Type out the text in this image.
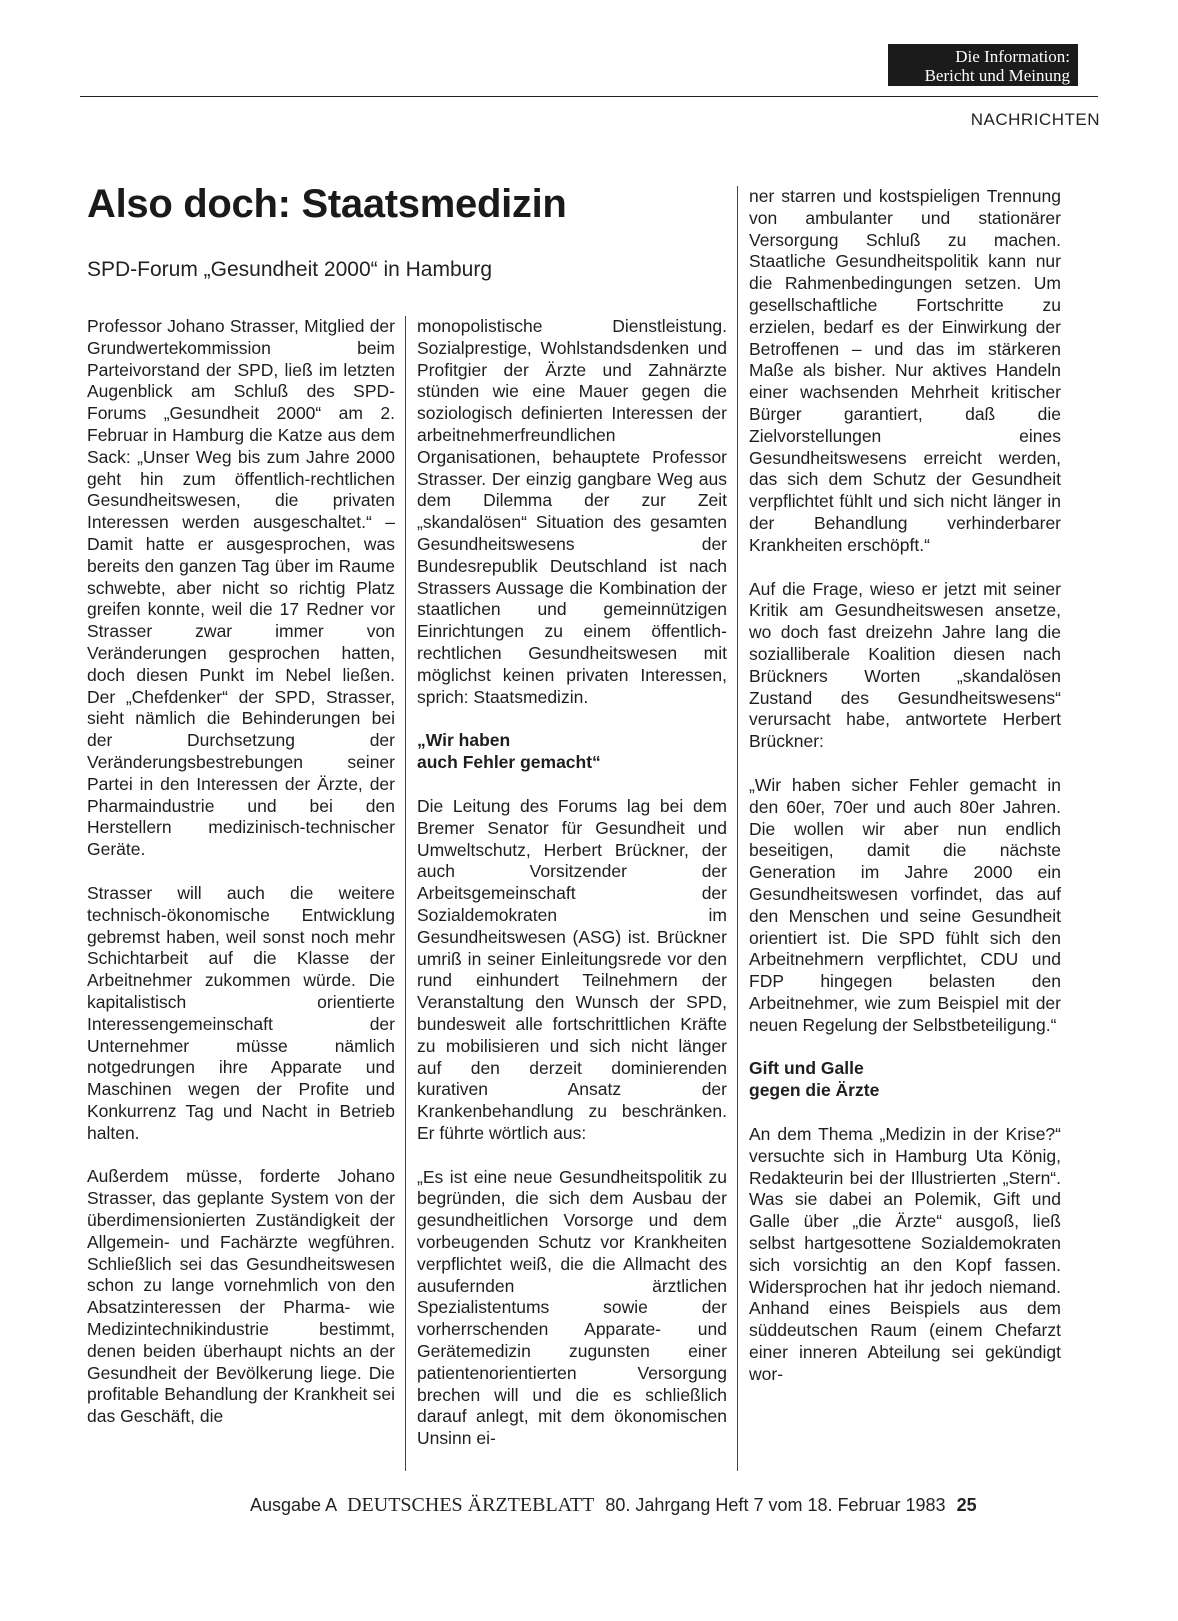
Die Information:
Bericht und Meinung
NACHRICHTEN
Also doch: Staatsmedizin
SPD-Forum „Gesundheit 2000“ in Hamburg

Professor Johano Strasser, Mitglied der Grundwertekommission beim Parteivorstand der SPD, ließ im letzten Augenblick am Schluß des SPD-Forums „Gesundheit 2000“ am 2. Februar in Hamburg die Katze aus dem Sack: „Unser Weg bis zum Jahre 2000 geht hin zum öffentlich-rechtlichen Gesundheitswesen, die privaten Interessen werden ausgeschaltet.“ – Damit hatte er ausgesprochen, was bereits den ganzen Tag über im Raume schwebte, aber nicht so richtig Platz greifen konnte, weil die 17 Redner vor Strasser zwar immer von Veränderungen gesprochen hatten, doch diesen Punkt im Nebel ließen. Der „Chefdenker“ der SPD, Strasser, sieht nämlich die Behinderungen bei der Durchsetzung der Veränderungsbestrebungen seiner Partei in den Interessen der Ärzte, der Pharmaindustrie und bei den Herstellern medizinisch-technischer Geräte.

Strasser will auch die weitere technisch-ökonomische Entwicklung gebremst haben, weil sonst noch mehr Schichtarbeit auf die Klasse der Arbeitnehmer zukommen würde. Die kapitalistisch orientierte Interessengemeinschaft der Unternehmer müsse nämlich notgedrungen ihre Apparate und Maschinen wegen der Profite und Konkurrenz Tag und Nacht in Betrieb halten.

Außerdem müsse, forderte Johano Strasser, das geplante System von der überdimensionierten Zuständigkeit der Allgemein- und Fachärzte wegführen. Schließlich sei das Gesundheitswesen schon zu lange vornehmlich von den Absatzinteressen der Pharma- wie Medizintechnikindustrie bestimmt, denen beiden überhaupt nichts an der Gesundheit der Bevölkerung liege. Die profitable Behandlung der Krankheit sei das Geschäft, die

monopolistische Dienstleistung. Sozialprestige, Wohlstandsdenken und Profitgier der Ärzte und Zahnärzte stünden wie eine Mauer gegen die soziologisch definierten Interessen der arbeitnehmerfreundlichen Organisationen, behauptete Professor Strasser. Der einzig gangbare Weg aus dem Dilemma der zur Zeit „skandalösen“ Situation des gesamten Gesundheitswesens der Bundesrepublik Deutschland ist nach Strassers Aussage die Kombination der staatlichen und gemeinnützigen Einrichtungen zu einem öffentlich-rechtlichen Gesundheitswesen mit möglichst keinen privaten Interessen, sprich: Staatsmedizin.

„Wir haben
auch Fehler gemacht“

Die Leitung des Forums lag bei dem Bremer Senator für Gesundheit und Umweltschutz, Herbert Brückner, der auch Vorsitzender der Arbeitsgemeinschaft der Sozialdemokraten im Gesundheitswesen (ASG) ist. Brückner umriß in seiner Einleitungsrede vor den rund einhundert Teilnehmern der Veranstaltung den Wunsch der SPD, bundesweit alle fortschrittlichen Kräfte zu mobilisieren und sich nicht länger auf den derzeit dominierenden kurativen Ansatz der Krankenbehandlung zu beschränken. Er führte wörtlich aus:

„Es ist eine neue Gesundheitspolitik zu begründen, die sich dem Ausbau der gesundheitlichen Vorsorge und dem vorbeugenden Schutz vor Krankheiten verpflichtet weiß, die die Allmacht des ausufernden ärztlichen Spezialistentums sowie der vorherrschenden Apparate- und Gerätemedizin zugunsten einer patientenorientierten Versorgung brechen will und die es schließlich darauf anlegt, mit dem ökonomischen Unsinn ei-

ner starren und kostspieligen Trennung von ambulanter und stationärer Versorgung Schluß zu machen. Staatliche Gesundheitspolitik kann nur die Rahmenbedingungen setzen. Um gesellschaftliche Fortschritte zu erzielen, bedarf es der Einwirkung der Betroffenen – und das im stärkeren Maße als bisher. Nur aktives Handeln einer wachsenden Mehrheit kritischer Bürger garantiert, daß die Zielvorstellungen eines Gesundheitswesens erreicht werden, das sich dem Schutz der Gesundheit verpflichtet fühlt und sich nicht länger in der Behandlung verhinderbarer Krankheiten erschöpft.“

Auf die Frage, wieso er jetzt mit seiner Kritik am Gesundheitswesen ansetze, wo doch fast dreizehn Jahre lang die sozialliberale Koalition diesen nach Brückners Worten „skandalösen Zustand des Gesundheitswesens“ verursacht habe, antwortete Herbert Brückner:

„Wir haben sicher Fehler gemacht in den 60er, 70er und auch 80er Jahren. Die wollen wir aber nun endlich beseitigen, damit die nächste Generation im Jahre 2000 ein Gesundheitswesen vorfindet, das auf den Menschen und seine Gesundheit orientiert ist. Die SPD fühlt sich den Arbeitnehmern verpflichtet, CDU und FDP hingegen belasten den Arbeitnehmer, wie zum Beispiel mit der neuen Regelung der Selbstbeteiligung.“

Gift und Galle
gegen die Ärzte

An dem Thema „Medizin in der Krise?“ versuchte sich in Hamburg Uta König, Redakteurin bei der Illustrierten „Stern“. Was sie dabei an Polemik, Gift und Galle über „die Ärzte“ ausgoß, ließ selbst hartgesottene Sozialdemokraten sich vorsichtig an den Kopf fassen. Widersprochen hat ihr jedoch niemand. Anhand eines Beispiels aus dem süddeutschen Raum (einem Chefarzt einer inneren Abteilung sei gekündigt wor-

Ausgabe A DEUTSCHES ÄRZTEBLATT 80. Jahrgang Heft 7 vom 18. Februar 1983 25
